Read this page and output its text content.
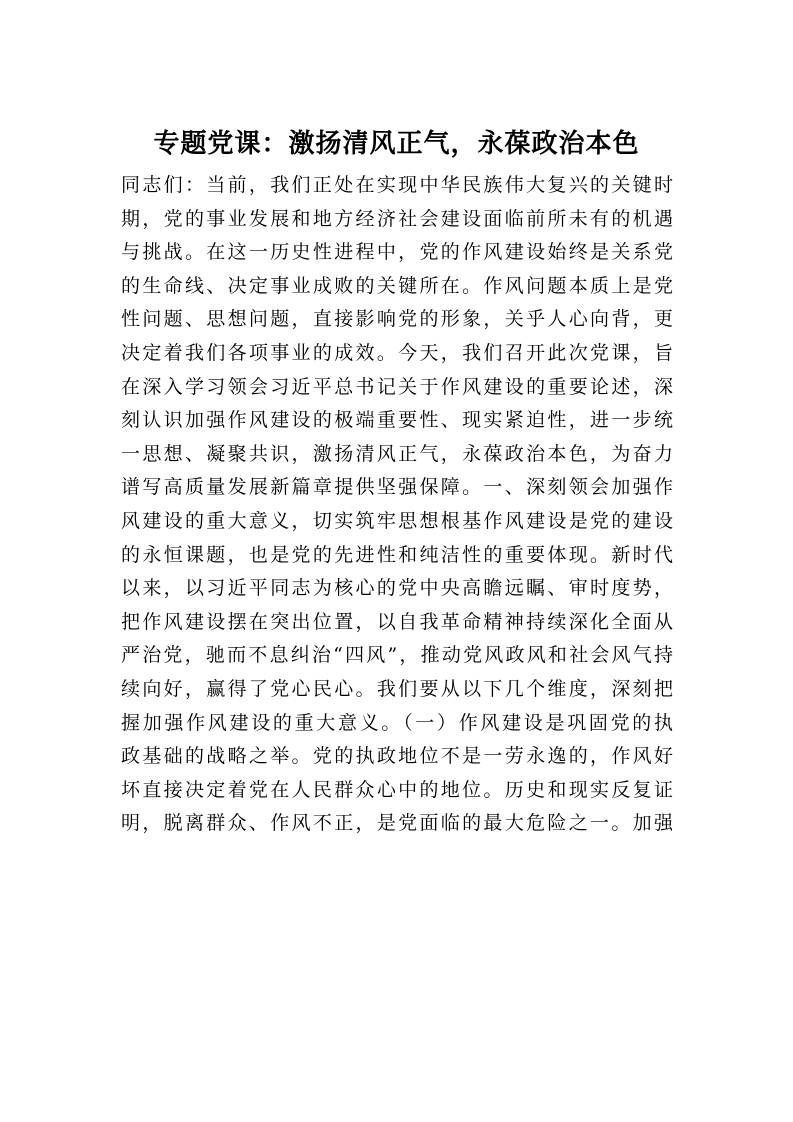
专题党课：激扬清风正气，永葆政治本色
同志们：当前，我们正处在实现中华民族伟大复兴的关键时
期，党的事业发展和地方经济社会建设面临前所未有的机遇
与挑战。在这一历史性进程中，党的作风建设始终是关系党
的生命线、决定事业成败的关键所在。作风问题本质上是党
性问题、思想问题，直接影响党的形象，关乎人心向背，更
决定着我们各项事业的成效。今天，我们召开此次党课，旨
在深入学习领会习近平总书记关于作风建设的重要论述，深
刻认识加强作风建设的极端重要性、现实紧迫性，进一步统
一思想、凝聚共识，激扬清风正气，永葆政治本色，为奋力
谱写高质量发展新篇章提供坚强保障。一、深刻领会加强作
风建设的重大意义，切实筑牢思想根基作风建设是党的建设
的永恒课题，也是党的先进性和纯洁性的重要体现。新时代
以来，以习近平同志为核心的党中央高瞻远瞩、审时度势，
把作风建设摆在突出位置，以自我革命精神持续深化全面从
严治党，驰而不息纠治“四风”，推动党风政风和社会风气持
续向好，赢得了党心民心。我们要从以下几个维度，深刻把
握加强作风建设的重大意义。（一）作风建设是巩固党的执
政基础的战略之举。党的执政地位不是一劳永逸的，作风好
坏直接决定着党在人民群众心中的地位。历史和现实反复证
明，脱离群众、作风不正，是党面临的最大危险之一。加强
